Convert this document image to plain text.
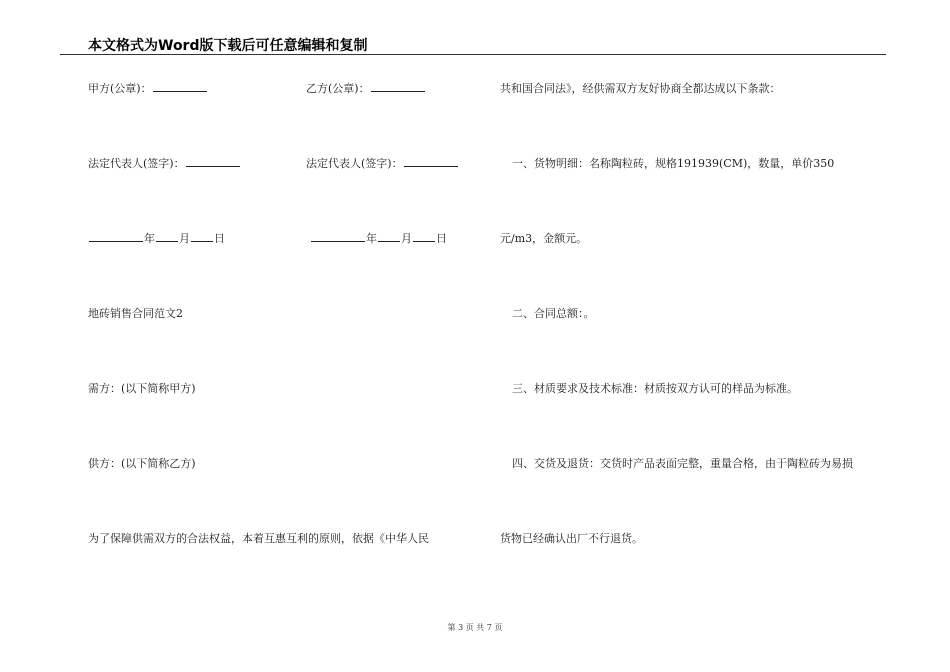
本文格式为Word版下载后可任意编辑和复制
甲方(公章)：
法定代表人(签字)：
年 月 日
地砖销售合同范文2
需方：(以下简称甲方)
供方：(以下简称乙方)
为了保障供需双方的合法权益，本着互惠互利的原则，依据《中华人民
乙方(公章)：
法定代表人(签字)：
年 月 日
共和国合同法》，经供需双方友好协商全都达成以下条款：
一、货物明细：名称陶粒砖，规格191939(CM)，数量，单价350
元/m3，金额元。
二、合同总额：。
三、材质要求及技术标准：材质按双方认可的样品为标准。
四、交货及退货：交货时产品表面完整，重量合格，由于陶粒砖为易损
货物已经确认出厂不行退货。
第 3 页 共 7 页
